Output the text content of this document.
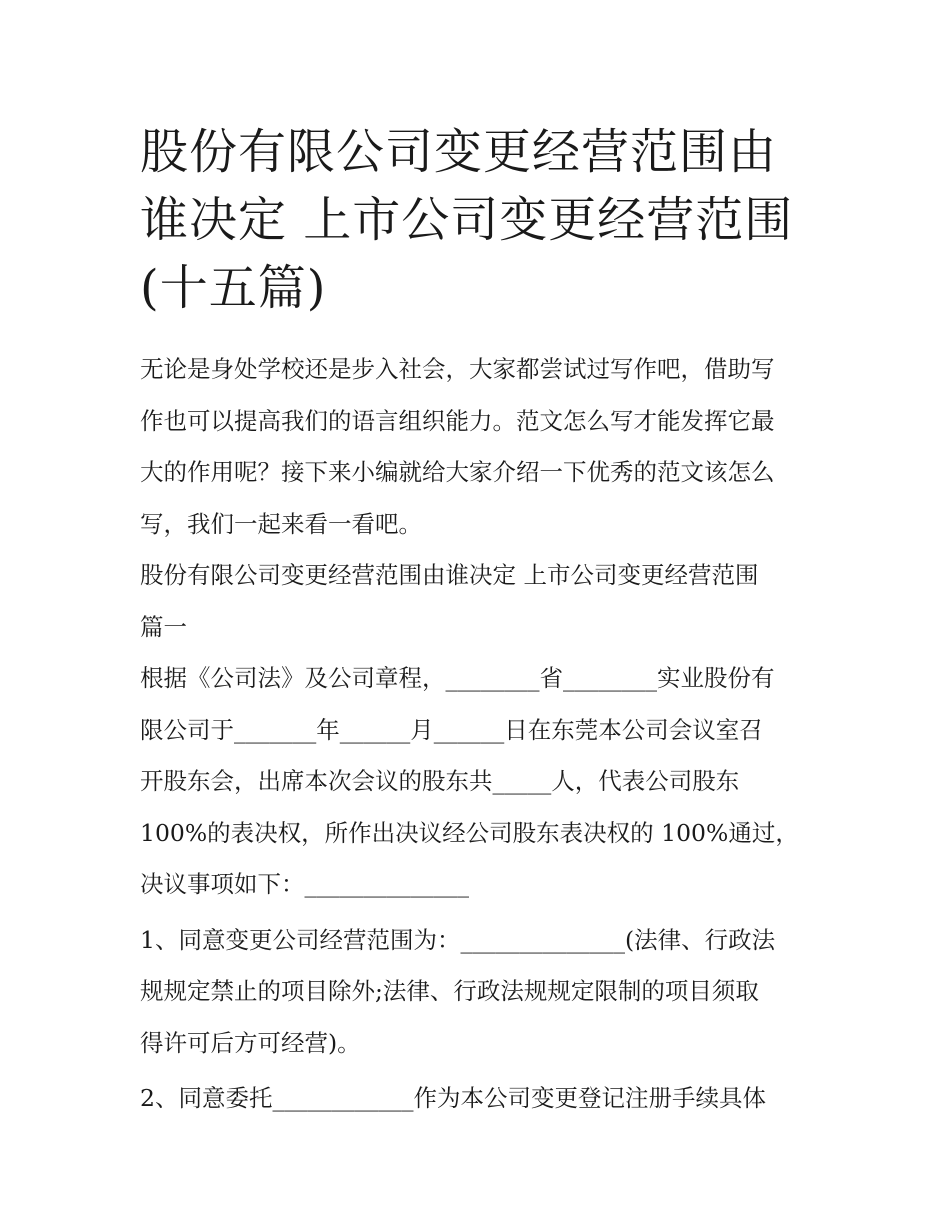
股份有限公司变更经营范围由
谁决定 上市公司变更经营范围
(十五篇)

无论是身处学校还是步入社会，大家都尝试过写作吧，借助写
作也可以提高我们的语言组织能力。范文怎么写才能发挥它最
大的作用呢？接下来小编就给大家介绍一下优秀的范文该怎么
写，我们一起来看一看吧。

股份有限公司变更经营范围由谁决定 上市公司变更经营范围
篇一

根据《公司法》及公司章程，________省________实业股份有
限公司于_______年______月______日在东莞本公司会议室召
开股东会，出席本次会议的股东共_____人，代表公司股东
100%的表决权，所作出决议经公司股东表决权的 100%通过，
决议事项如下：______________

1、同意变更公司经营范围为：______________(法律、行政法
规规定禁止的项目除外;法律、行政法规规定限制的项目须取
得许可后方可经营)。

2、同意委托____________作为本公司变更登记注册手续具体
